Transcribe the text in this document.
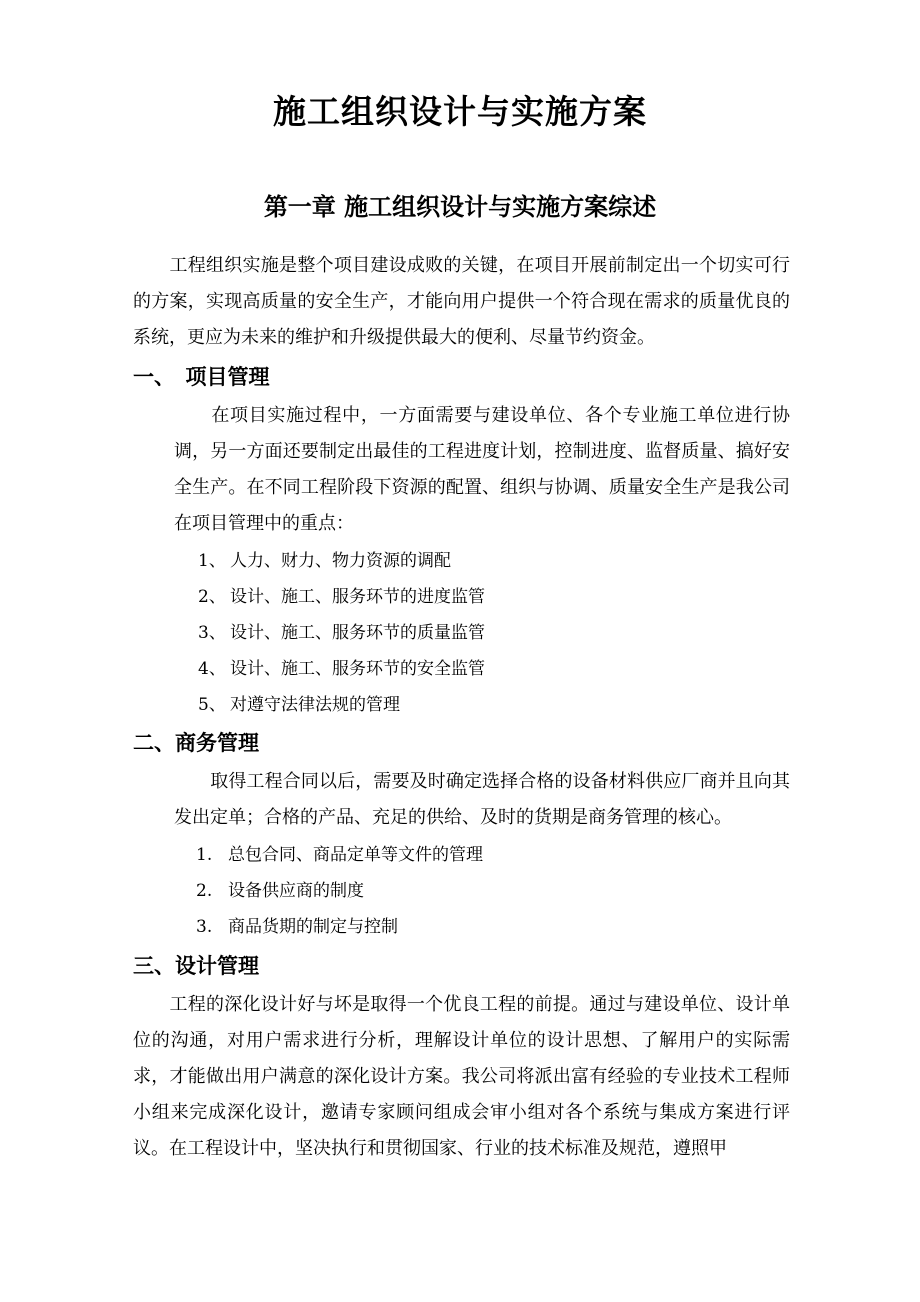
施工组织设计与实施方案
第一章 施工组织设计与实施方案综述

　　工程组织实施是整个项目建设成败的关键，在项目开展前制定出一个切实可行的方案，实现高质量的安全生产，才能向用户提供一个符合现在需求的质量优良的系统，更应为未来的维护和升级提供最大的便利、尽量节约资金。

一、　项目管理

　　在项目实施过程中，一方面需要与建设单位、各个专业施工单位进行协调，另一方面还要制定出最佳的工程进度计划，控制进度、监督质量、搞好安全生产。在不同工程阶段下资源的配置、组织与协调、质量安全生产是我公司在项目管理中的重点：

1、 人力、财力、物力资源的调配
2、 设计、施工、服务环节的进度监管
3、 设计、施工、服务环节的质量监管
4、 设计、施工、服务环节的安全监管
5、 对遵守法律法规的管理
二、商务管理

　　取得工程合同以后，需要及时确定选择合格的设备材料供应厂商并且向其发出定单；合格的产品、充足的供给、及时的货期是商务管理的核心。

1. 总包合同、商品定单等文件的管理
2. 设备供应商的制度
3. 商品货期的制定与控制
三、设计管理

　　工程的深化设计好与坏是取得一个优良工程的前提。通过与建设单位、设计单位的沟通，对用户需求进行分析，理解设计单位的设计思想、了解用户的实际需求，才能做出用户满意的深化设计方案。我公司将派出富有经验的专业技术工程师小组来完成深化设计，邀请专家顾问组成会审小组对各个系统与集成方案进行评议。在工程设计中，坚决执行和贯彻国家、行业的技术标准及规范，遵照甲
